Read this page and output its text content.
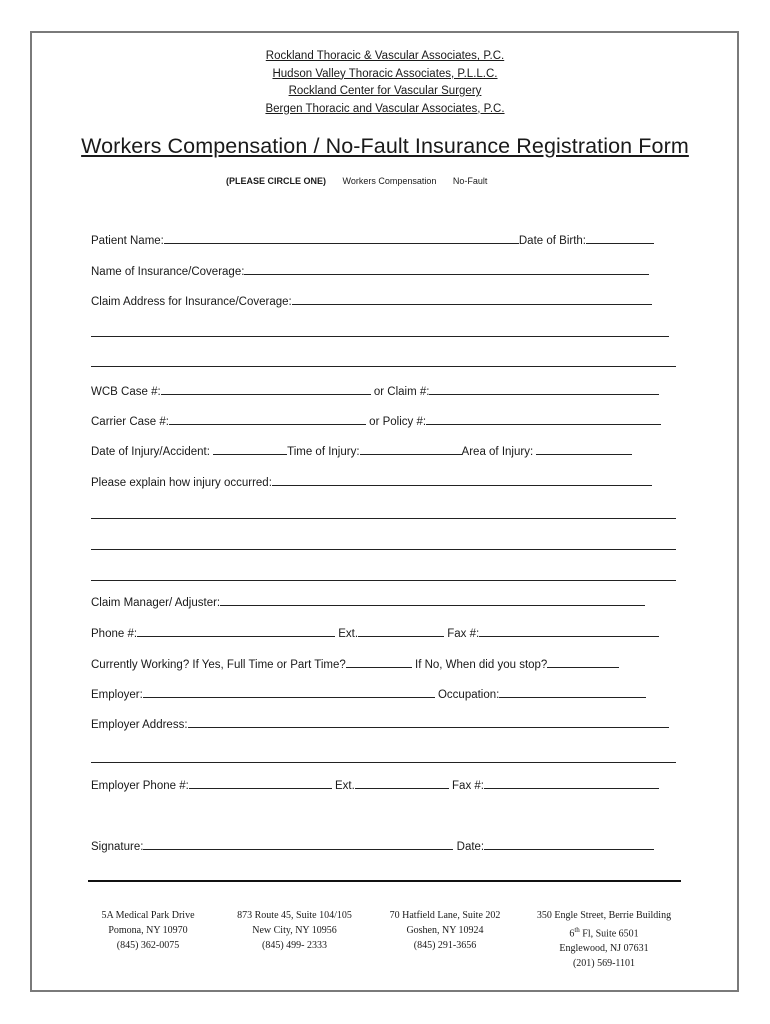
Rockland Thoracic & Vascular Associates, P.C.
Hudson Valley Thoracic Associates, P.L.L.C.
Rockland Center for Vascular Surgery
Bergen Thoracic and Vascular Associates, P.C.
Workers Compensation / No-Fault Insurance Registration Form
(PLEASE CIRCLE ONE) Workers Compensation No-Fault
Patient Name:	Date of Birth:
Name of Insurance/Coverage:
Claim Address for Insurance/Coverage:
WCB Case #:	or Claim #:
Carrier Case #:	or Policy #:
Date of Injury/Accident:	Time of Injury:	Area of Injury:
Please explain how injury occurred:
Claim Manager/ Adjuster:
Phone #:	Ext.	Fax #:
Currently Working? If Yes, Full Time or Part Time?	If No, When did you stop?
Employer:	Occupation:
Employer Address:
Employer Phone #:	Ext.	Fax #:
Signature:	Date:
5A Medical Park Drive
Pomona, NY 10970
(845) 362-0075
873 Route 45, Suite 104/105
New City, NY 10956
(845) 499- 2333
70 Hatfield Lane, Suite 202
Goshen, NY 10924
(845) 291-3656
350 Engle Street, Berrie Building
6th Fl, Suite 6501
Englewood, NJ 07631
(201) 569-1101
